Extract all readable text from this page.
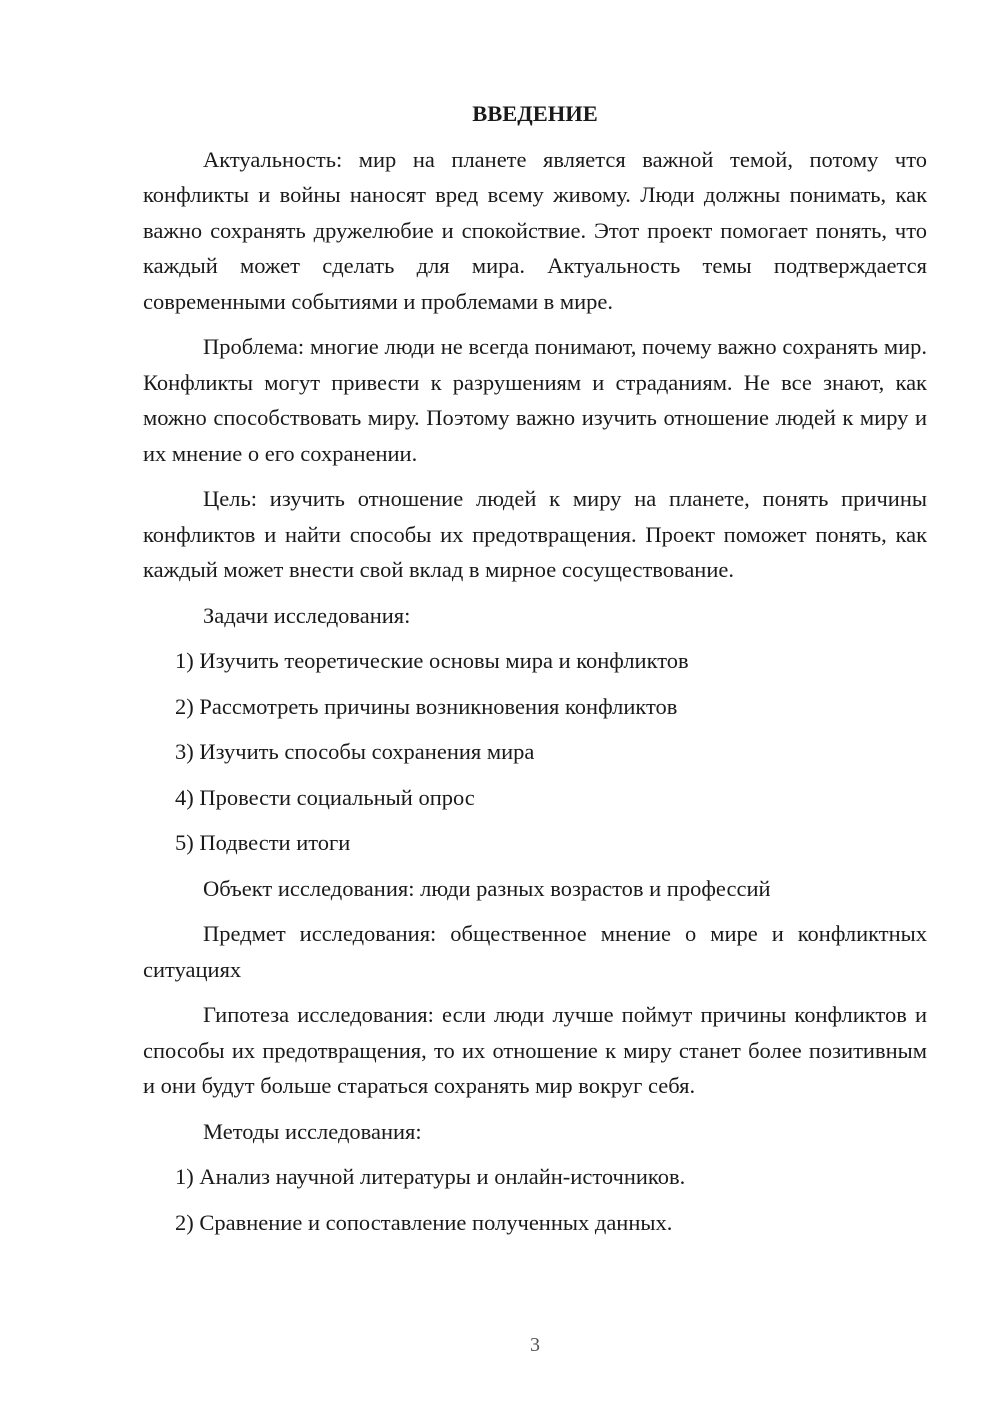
ВВЕДЕНИЕ

Актуальность: мир на планете является важной темой, потому что конфликты и войны наносят вред всему живому. Люди должны понимать, как важно сохранять дружелюбие и спокойствие. Этот проект помогает понять, что каждый может сделать для мира. Актуальность темы подтверждается современными событиями и проблемами в мире.

Проблема: многие люди не всегда понимают, почему важно сохранять мир. Конфликты могут привести к разрушениям и страданиям. Не все знают, как можно способствовать миру. Поэтому важно изучить отношение людей к миру и их мнение о его сохранении.

Цель: изучить отношение людей к миру на планете, понять причины конфликтов и найти способы их предотвращения. Проект поможет понять, как каждый может внести свой вклад в мирное сосуществование.

Задачи исследования:

1) Изучить теоретические основы мира и конфликтов
2) Рассмотреть причины возникновения конфликтов
3) Изучить способы сохранения мира
4) Провести социальный опрос
5) Подвести итоги

Объект исследования: люди разных возрастов и профессий

Предмет исследования: общественное мнение о мире и конфликтных ситуациях

Гипотеза исследования: если люди лучше поймут причины конфликтов и способы их предотвращения, то их отношение к миру станет более позитивным и они будут больше стараться сохранять мир вокруг себя.

Методы исследования:

1) Анализ научной литературы и онлайн-источников.
2) Сравнение и сопоставление полученных данных.
3
